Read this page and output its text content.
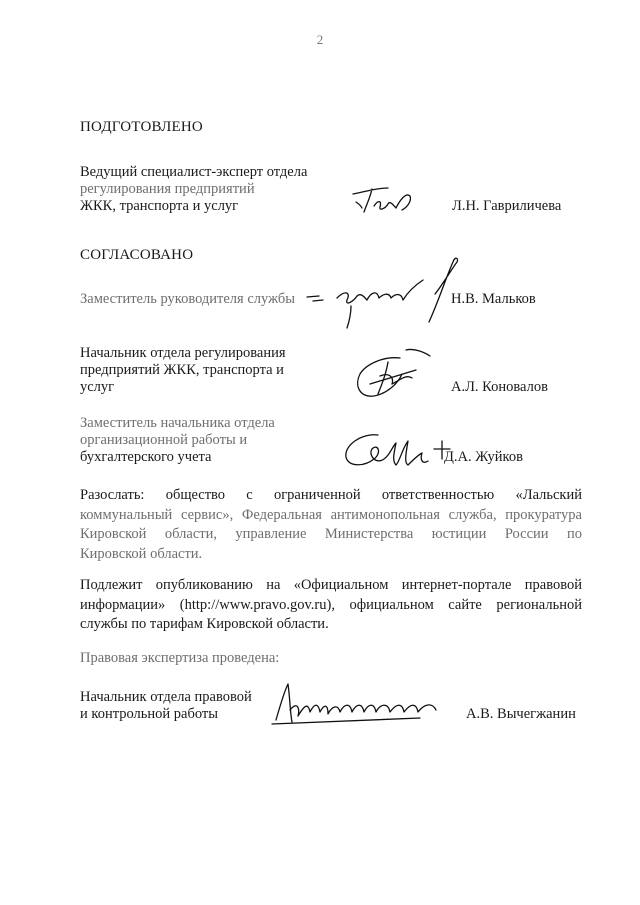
2
ПОДГОТОВЛЕНО
Ведущий специалист-эксперт отдела
регулирования предприятий
ЖКК, транспорта и услуг	Л.Н. Гавриличева
СОГЛАСОВАНО
Заместитель руководителя службы	Н.В. Мальков
Начальник отдела регулирования
предприятий ЖКК, транспорта и
услуг	А.Л. Коновалов
Заместитель начальника отдела
организационной работы и
бухгалтерского учета	Д.А. Жуйков
Разослать: общество с ограниченной ответственностью «Лальский
коммунальный сервис», Федеральная антимонопольная служба, прокуратура
Кировской области, управление Министерства юстиции России по
Кировской области.
Подлежит опубликованию на «Официальном интернет-портале правовой
информации» (http://www.pravo.gov.ru), официальном сайте региональной
службы по тарифам Кировской области.
Правовая экспертиза проведена:
Начальник отдела правовой
и контрольной работы	А.В. Вычегжанин
